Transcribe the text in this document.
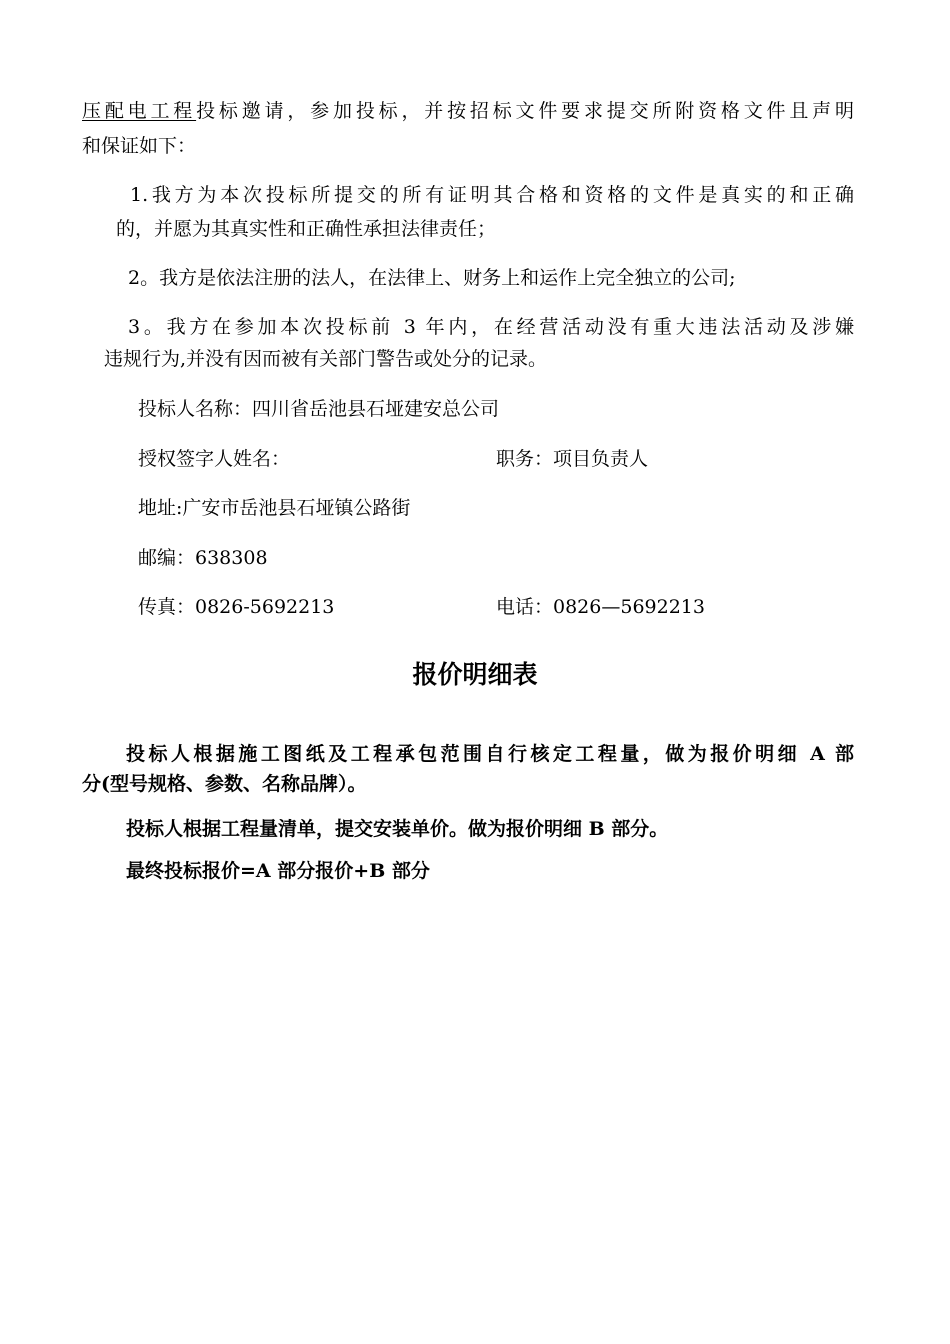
压配电工程投标邀请，参加投标，并按招标文件要求提交所附资格文件且声明
和保证如下：
1.我方为本次投标所提交的所有证明其合格和资格的文件是真实的和正确
的，并愿为其真实性和正确性承担法律责任；
2。我方是依法注册的法人，在法律上、财务上和运作上完全独立的公司;
3。我方在参加本次投标前 3 年内，在经营活动没有重大违法活动及涉嫌
违规行为,并没有因而被有关部门警告或处分的记录。
投标人名称：四川省岳池县石垭建安总公司
授权签字人姓名：	职务：项目负责人
地址:广安市岳池县石垭镇公路街
邮编：638308
传真：0826-5692213	电话：0826—5692213
报价明细表
投标人根据施工图纸及工程承包范围自行核定工程量，做为报价明细 A 部
分(型号规格、参数、名称品牌）。
投标人根据工程量清单，提交安装单价。做为报价明细 B 部分。
最终投标报价=A 部分报价+B 部分
